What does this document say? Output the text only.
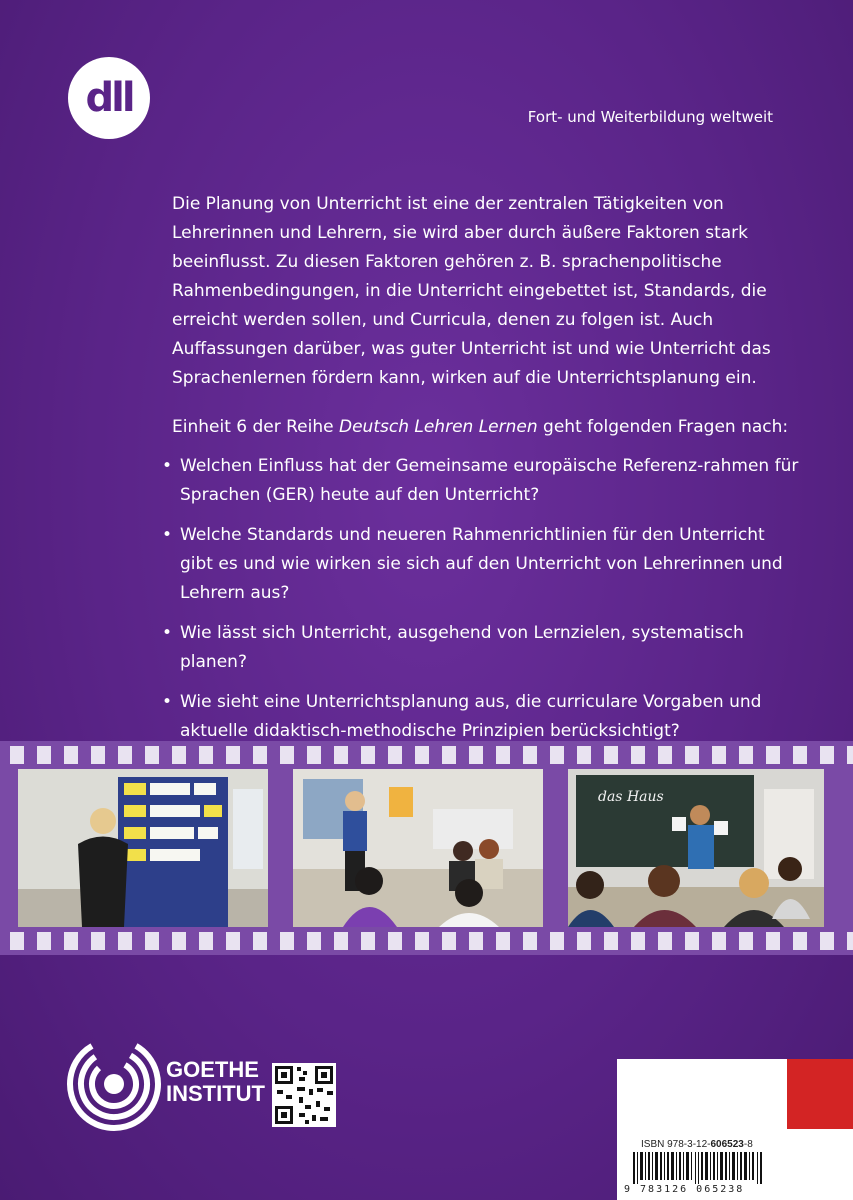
dll	Fort- und Weiterbildung weltweit

Die Planung von Unterricht ist eine der zentralen Tätigkeiten von Lehrerinnen und Lehrern, sie wird aber durch äußere Faktoren stark beeinflusst. Zu diesen Faktoren gehören z. B. sprachenpolitische Rahmenbedingungen, in die Unterricht eingebettet ist, Standards, die erreicht werden sollen, und Curricula, denen zu folgen ist. Auch Auffassungen darüber, was guter Unterricht ist und wie Unterricht das Sprachenlernen fördern kann, wirken auf die Unterrichtsplanung ein.

Einheit 6 der Reihe Deutsch Lehren Lernen geht folgenden Fragen nach:

• Welchen Einfluss hat der Gemeinsame europäische Referenz-rahmen für Sprachen (GER) heute auf den Unterricht?
• Welche Standards und neueren Rahmenrichtlinien für den Unterricht gibt es und wie wirken sie sich auf den Unterricht von Lehrerinnen und Lehrern aus?
• Wie lässt sich Unterricht, ausgehend von Lernzielen, systematisch planen?
• Wie sieht eine Unterrichtsplanung aus, die curriculare Vorgaben und aktuelle didaktisch-methodische Prinzipien berücksichtigt?
das Haus
GOETHE
INSTITUT
ISBN 978-3-12-606523-8
9 783126 065238
